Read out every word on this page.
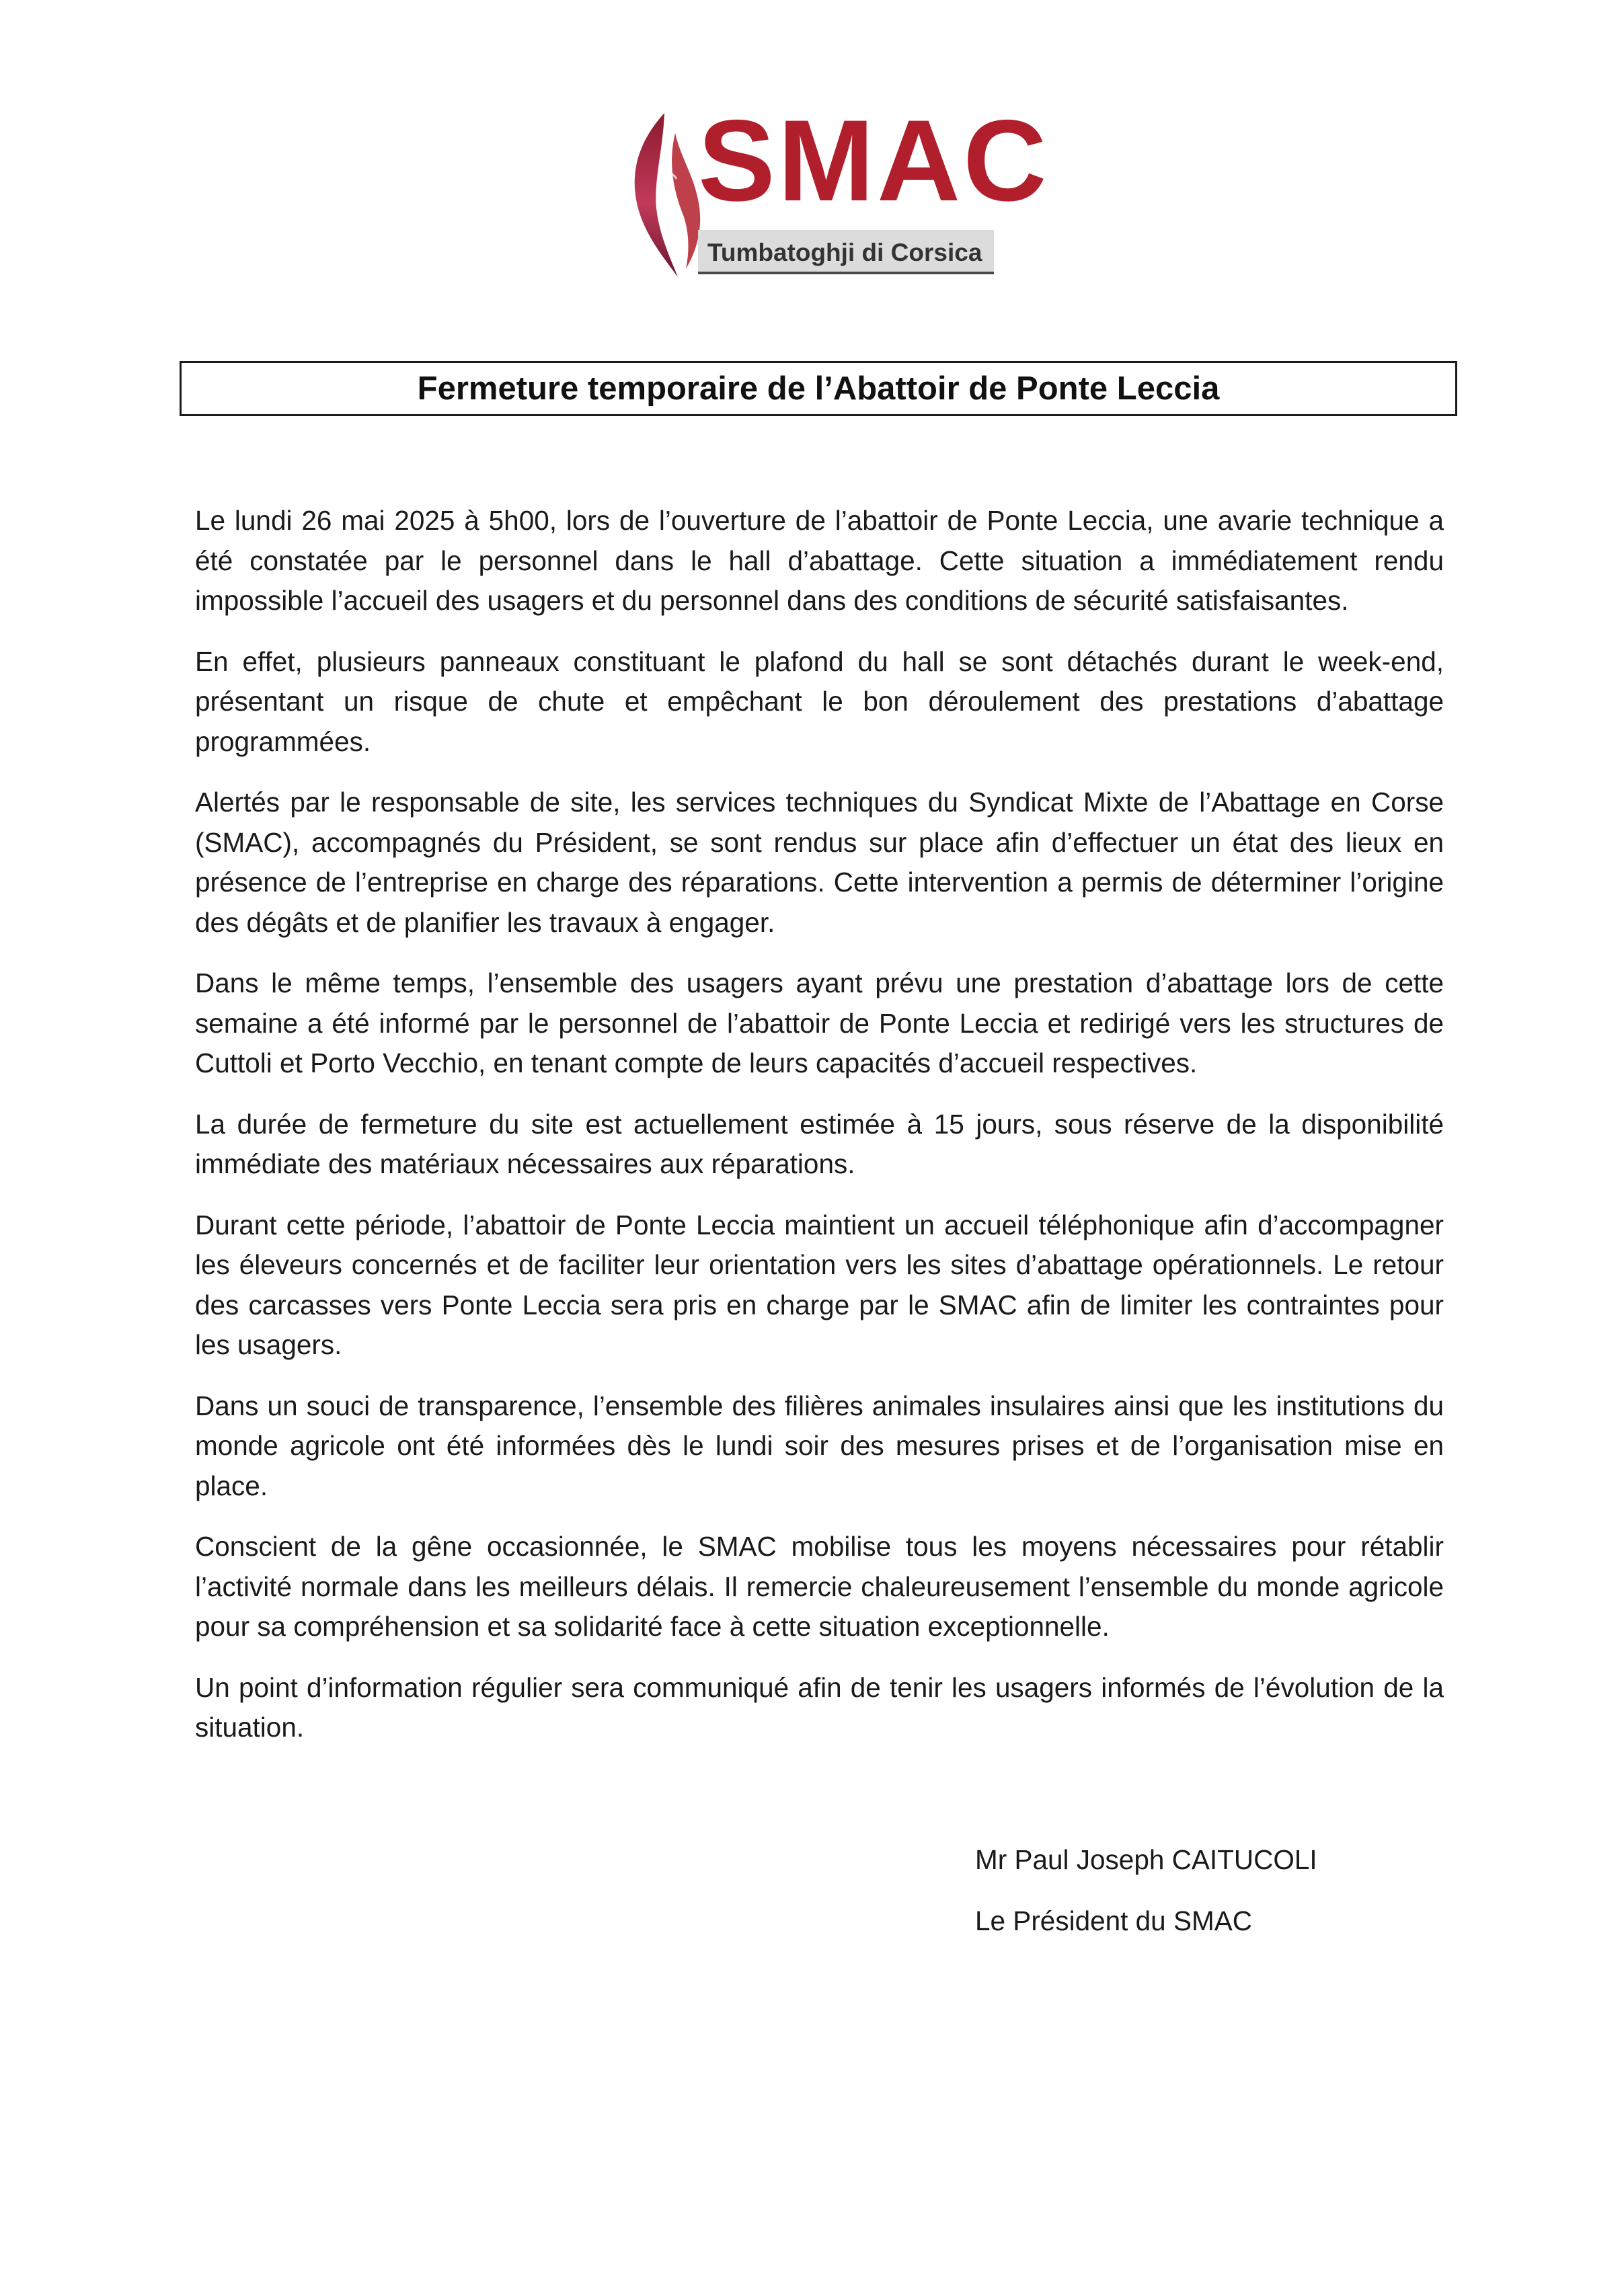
SMAC
Tumbatoghji di Corsica
Fermeture temporaire de l’Abattoir de Ponte Leccia

Le lundi 26 mai 2025 à 5h00, lors de l’ouverture de l’abattoir de Ponte Leccia, une avarie technique a été constatée par le personnel dans le hall d’abattage. Cette situation a immédiatement rendu impossible l’accueil des usagers et du personnel dans des conditions de sécurité satisfaisantes.

En effet, plusieurs panneaux constituant le plafond du hall se sont détachés durant le week-end, présentant un risque de chute et empêchant le bon déroulement des prestations d’abattage programmées.

Alertés par le responsable de site, les services techniques du Syndicat Mixte de l’Abattage en Corse (SMAC), accompagnés du Président, se sont rendus sur place afin d’effectuer un état des lieux en présence de l’entreprise en charge des réparations. Cette intervention a permis de déterminer l’origine des dégâts et de planifier les travaux à engager.

Dans le même temps, l’ensemble des usagers ayant prévu une prestation d’abattage lors de cette semaine a été informé par le personnel de l’abattoir de Ponte Leccia et redirigé vers les structures de Cuttoli et Porto Vecchio, en tenant compte de leurs capacités d’accueil respectives.

La durée de fermeture du site est actuellement estimée à 15 jours, sous réserve de la disponibilité immédiate des matériaux nécessaires aux réparations.

Durant cette période, l’abattoir de Ponte Leccia maintient un accueil téléphonique afin d’accompagner les éleveurs concernés et de faciliter leur orientation vers les sites d’abattage opérationnels. Le retour des carcasses vers Ponte Leccia sera pris en charge par le SMAC afin de limiter les contraintes pour les usagers.

Dans un souci de transparence, l’ensemble des filières animales insulaires ainsi que les institutions du monde agricole ont été informées dès le lundi soir des mesures prises et de l’organisation mise en place.

Conscient de la gêne occasionnée, le SMAC mobilise tous les moyens nécessaires pour rétablir l’activité normale dans les meilleurs délais. Il remercie chaleureusement l’ensemble du monde agricole pour sa compréhension et sa solidarité face à cette situation exceptionnelle.

Un point d’information régulier sera communiqué afin de tenir les usagers informés de l’évolution de la situation.

Mr Paul Joseph CAITUCOLI

Le Président du SMAC
